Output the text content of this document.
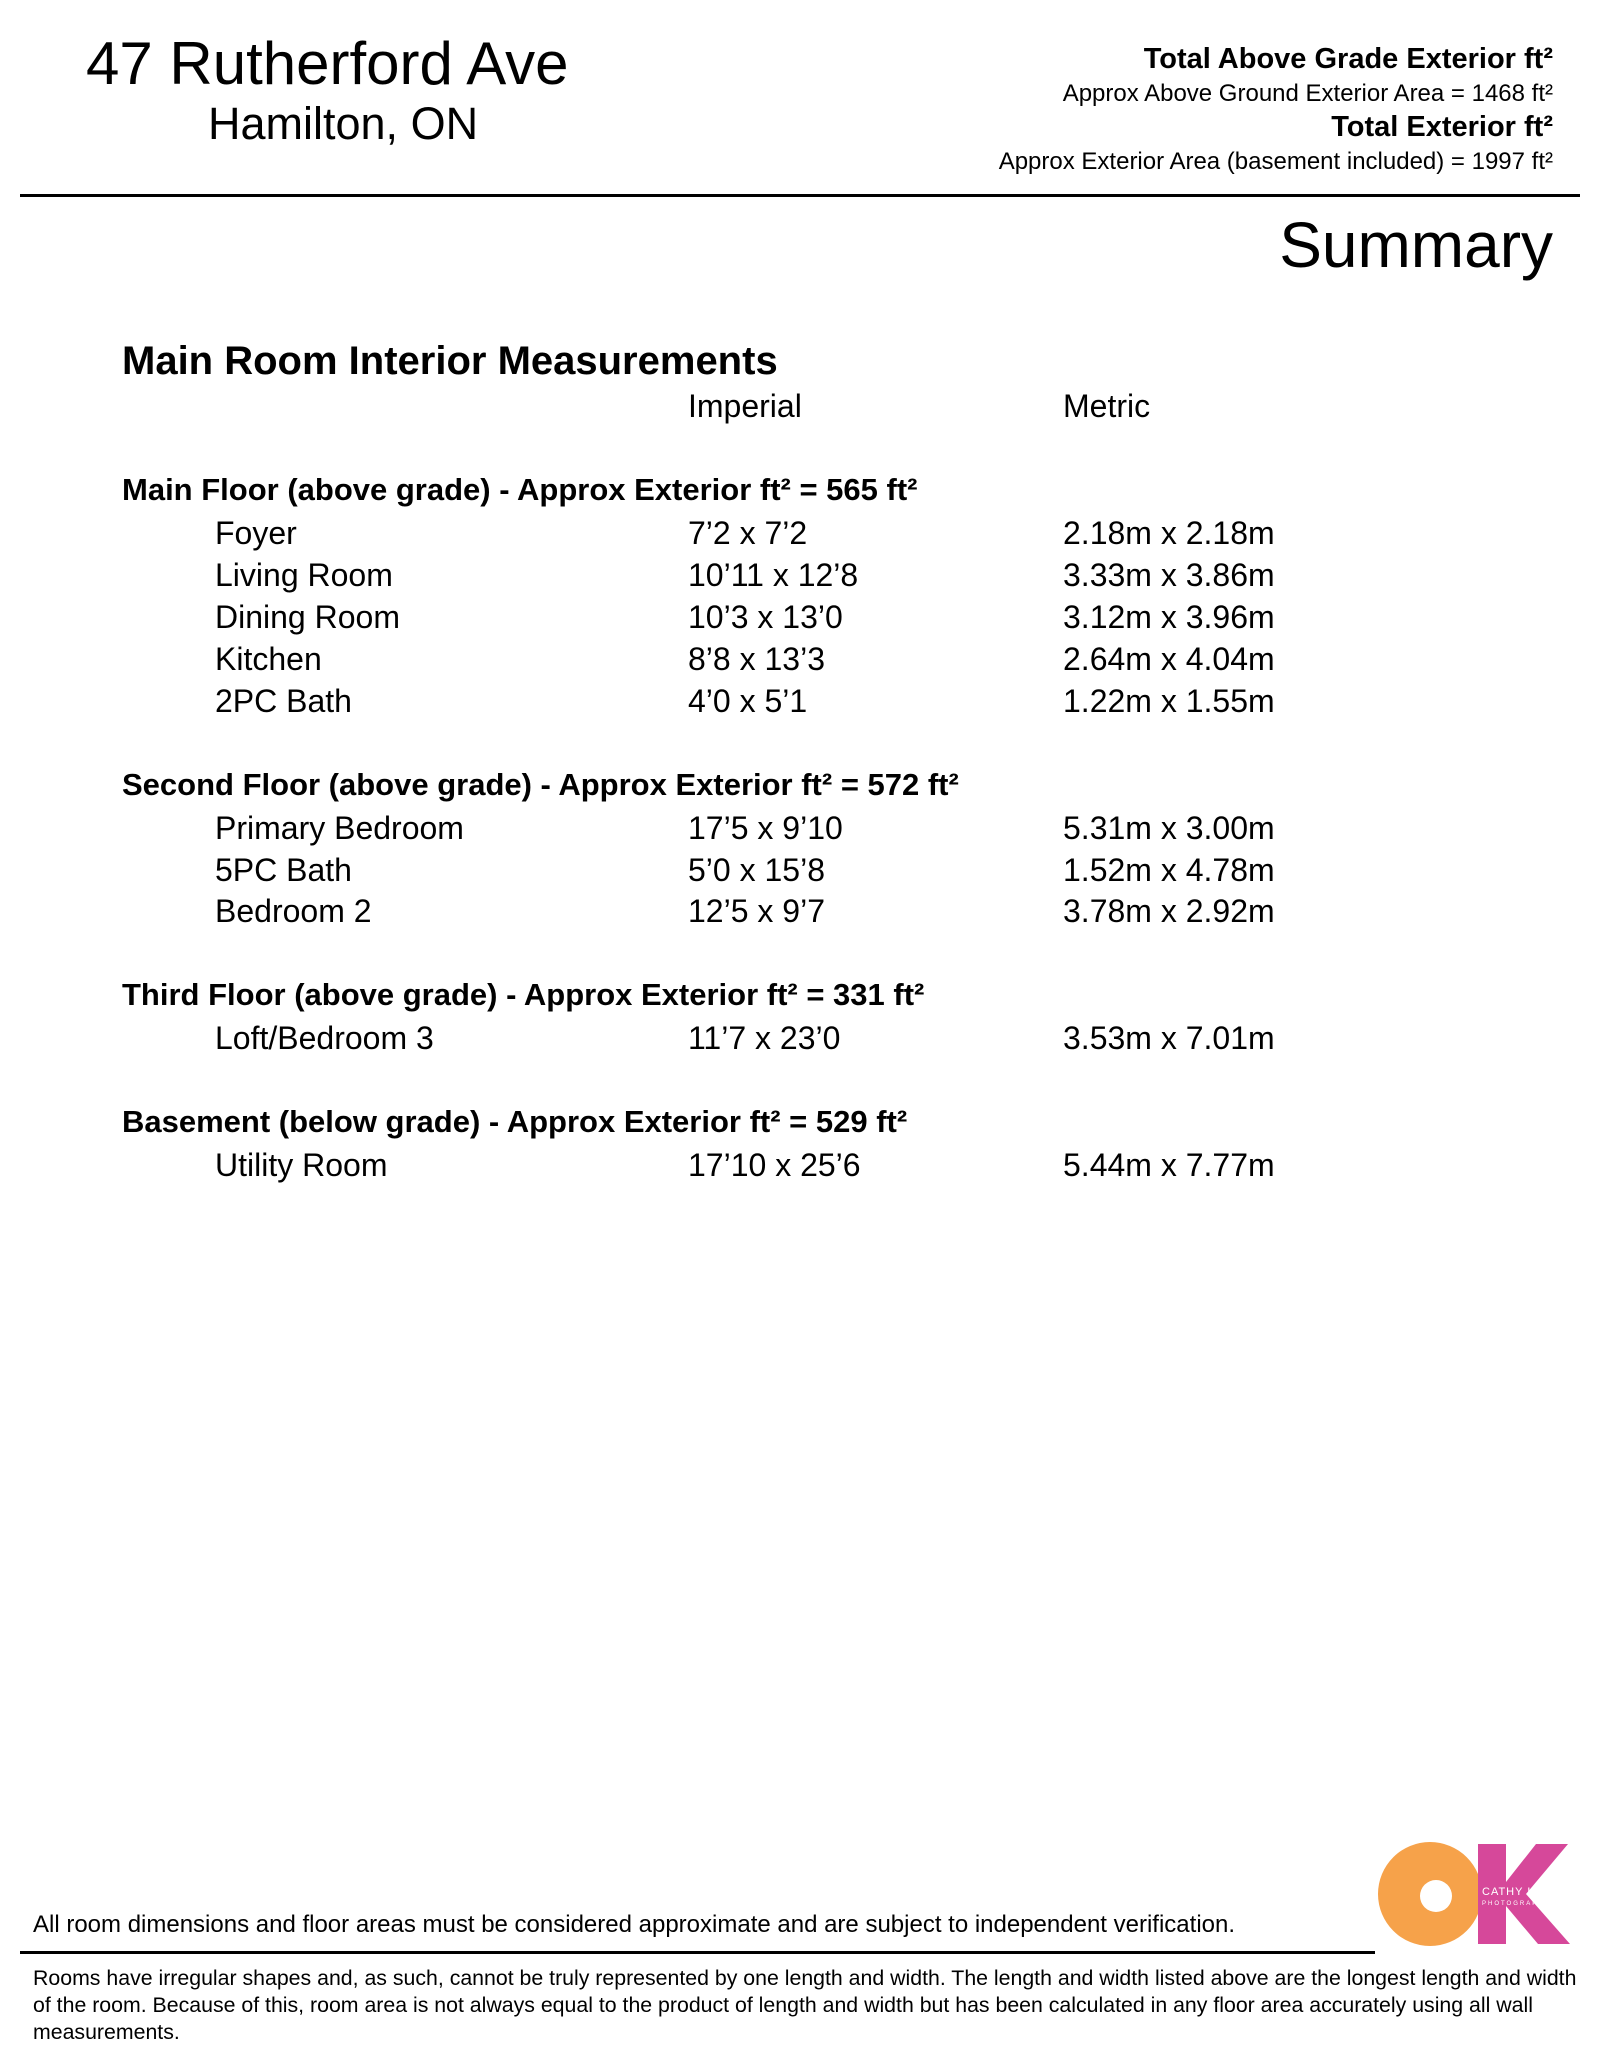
47 Rutherford Ave
Hamilton, ON
Total Above Grade Exterior ft²
Approx Above Ground Exterior Area = 1468 ft²
Total Exterior ft²
Approx Exterior Area (basement included) = 1997 ft²
Summary
Main Room Interior Measurements
Imperial	Metric
Main Floor (above grade) - Approx Exterior ft² = 565 ft²
Foyer	7’2 x 7’2	2.18m x 2.18m
Living Room	10’11 x 12’8	3.33m x 3.86m
Dining Room	10’3 x 13’0	3.12m x 3.96m
Kitchen	8’8 x 13’3	2.64m x 4.04m
2PC Bath	4’0 x 5’1	1.22m x 1.55m
Second Floor (above grade) - Approx Exterior ft² = 572 ft²
Primary Bedroom	17’5 x 9’10	5.31m x 3.00m
5PC Bath	5’0 x 15’8	1.52m x 4.78m
Bedroom 2	12’5 x 9’7	3.78m x 2.92m
Third Floor (above grade) - Approx Exterior ft² = 331 ft²
Loft/Bedroom 3	11’7 x 23’0	3.53m x 7.01m
Basement (below grade) - Approx Exterior ft² = 529 ft²
Utility Room	17’10 x 25’6	5.44m x 7.77m
CATHY KOOP
PHOTOGRAPHY
All room dimensions and floor areas must be considered approximate and are subject to independent verification.
Rooms have irregular shapes and, as such, cannot be truly represented by one length and width. The length and width listed above are the longest length and width of the room. Because of this, room area is not always equal to the product of length and width but has been calculated in any floor area accurately using all wall measurements.
